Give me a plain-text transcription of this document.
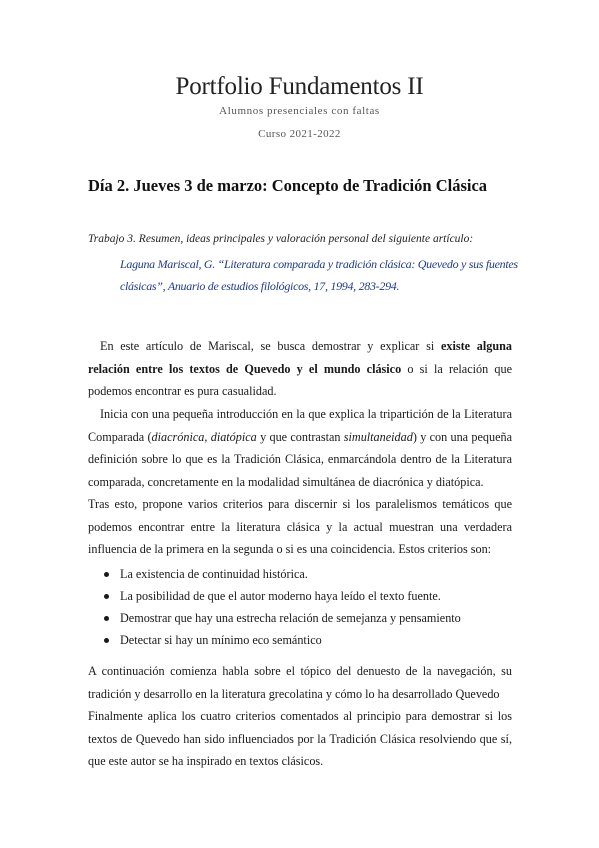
Portfolio Fundamentos II
Alumnos presenciales con faltas
Curso 2021-2022
Día 2. Jueves 3 de marzo: Concepto de Tradición Clásica
Trabajo 3. Resumen, ideas principales y valoración personal del siguiente artículo:
Laguna Mariscal, G. “Literatura comparada y tradición clásica: Quevedo y sus fuentes clásicas”, Anuario de estudios filológicos, 17, 1994, 283-294.
En este artículo de Mariscal, se busca demostrar y explicar si existe alguna relación entre los textos de Quevedo y el mundo clásico o si la relación que podemos encontrar es pura casualidad.
Inicia con una pequeña introducción en la que explica la tripartición de la Literatura Comparada (diacrónica, diatópica y que contrastan simultaneidad) y con una pequeña definición sobre lo que es la Tradición Clásica, enmarcándola dentro de la Literatura comparada, concretamente en la modalidad simultánea de diacrónica y diatópica.
Tras esto, propone varios criterios para discernir si los paralelismos temáticos que podemos encontrar entre la literatura clásica y la actual muestran una verdadera influencia de la primera en la segunda o si es una coincidencia. Estos criterios son:
La existencia de continuidad histórica.
La posibilidad de que el autor moderno haya leído el texto fuente.
Demostrar que hay una estrecha relación de semejanza y pensamiento
Detectar si hay un mínimo eco semántico
A continuación comienza habla sobre el tópico del denuesto de la navegación, su tradición y desarrollo en la literatura grecolatina y cómo lo ha desarrollado Quevedo
Finalmente aplica los cuatro criterios comentados al principio para demostrar si los textos de Quevedo han sido influenciados por la Tradición Clásica resolviendo que sí, que este autor se ha inspirado en textos clásicos.
